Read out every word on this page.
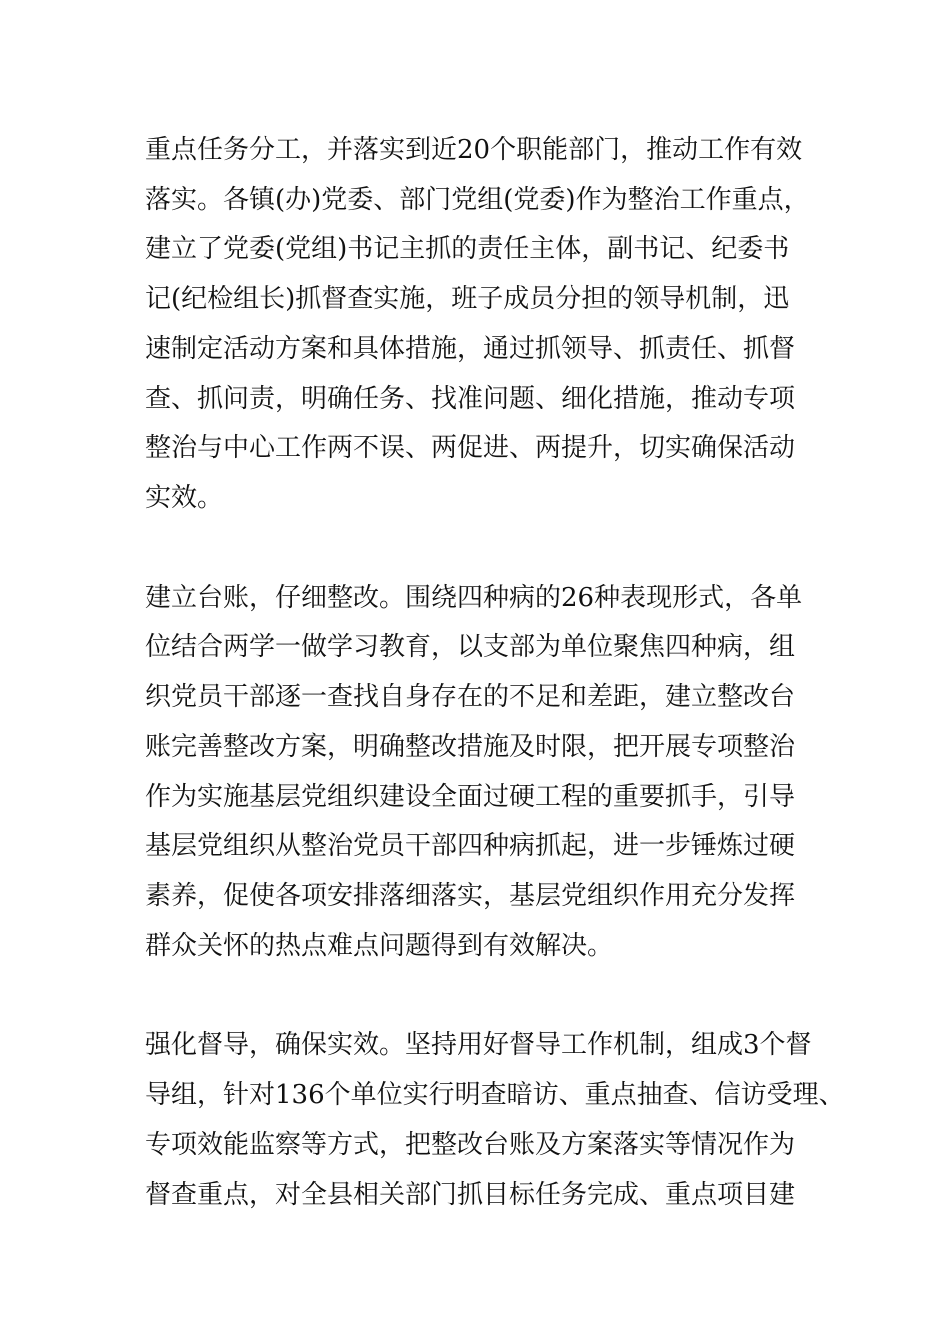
重点任务分工，并落实到近20个职能部门，推动工作有效
落实。各镇(办)党委、部门党组(党委)作为整治工作重点，
建立了党委(党组)书记主抓的责任主体，副书记、纪委书
记(纪检组长)抓督查实施，班子成员分担的领导机制，迅
速制定活动方案和具体措施，通过抓领导、抓责任、抓督
查、抓问责，明确任务、找准问题、细化措施，推动专项
整治与中心工作两不误、两促进、两提升，切实确保活动
实效。
建立台账，仔细整改。围绕四种病的26种表现形式，各单
位结合两学一做学习教育，以支部为单位聚焦四种病，组
织党员干部逐一查找自身存在的不足和差距，建立整改台
账完善整改方案，明确整改措施及时限，把开展专项整治
作为实施基层党组织建设全面过硬工程的重要抓手，引导
基层党组织从整治党员干部四种病抓起，进一步锤炼过硬
素养，促使各项安排落细落实，基层党组织作用充分发挥
群众关怀的热点难点问题得到有效解决。
强化督导，确保实效。坚持用好督导工作机制，组成3个督
导组，针对136个单位实行明查暗访、重点抽查、信访受理、
专项效能监察等方式，把整改台账及方案落实等情况作为
督查重点，对全县相关部门抓目标任务完成、重点项目建
